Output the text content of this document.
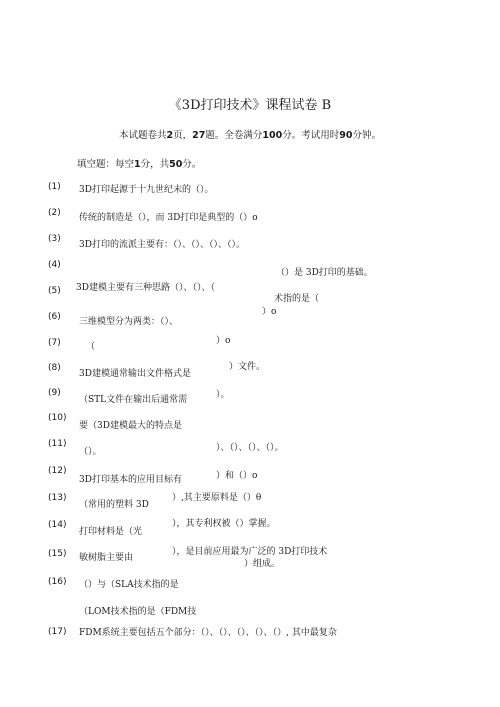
《3D打印技术》课程试卷 B
本试题卷共2页，27题。全卷满分100分。考试用时90分钟。
填空题：每空1分，共50分。
(1)
(2)
(3)
(4)
(5)
(6)
(7)
(8)
(9)
(10)
(11)
(12)
(13)
(14)
(15)
(16)
(17)
3D打印起源于十九世纪末的（）。
传统的制造是（），而 3D打印是典型的（）o
3D打印的流派主要有：（）、（）、（）、（）。
（）是 3D打印的基础。
3D建模主要有三种思路（）、（）、（
术指的是（
）o
三维模型分为两类：（）、
（
）o
3D建模通常输出文件格式是
）文件。
（STL文件在输出后通常需	）。
要（3D建模最大的特点是
（）。	）、（）、（）、（）。
3D打印基本的应用目标有	）和（）o
（常用的塑料 3D
）,其主要原料是（）θ
打印材料是（光
），其专利权被（）掌握。
敏树脂主要由
），是目前应用最为广泛的 3D打印技术
）组成。
（）与（SLA技术指的是
（LOM技术指的是（FDM技
FDM系统主要包括五个部分：（）、（）、（）、（）、（）, 其中最复杂
